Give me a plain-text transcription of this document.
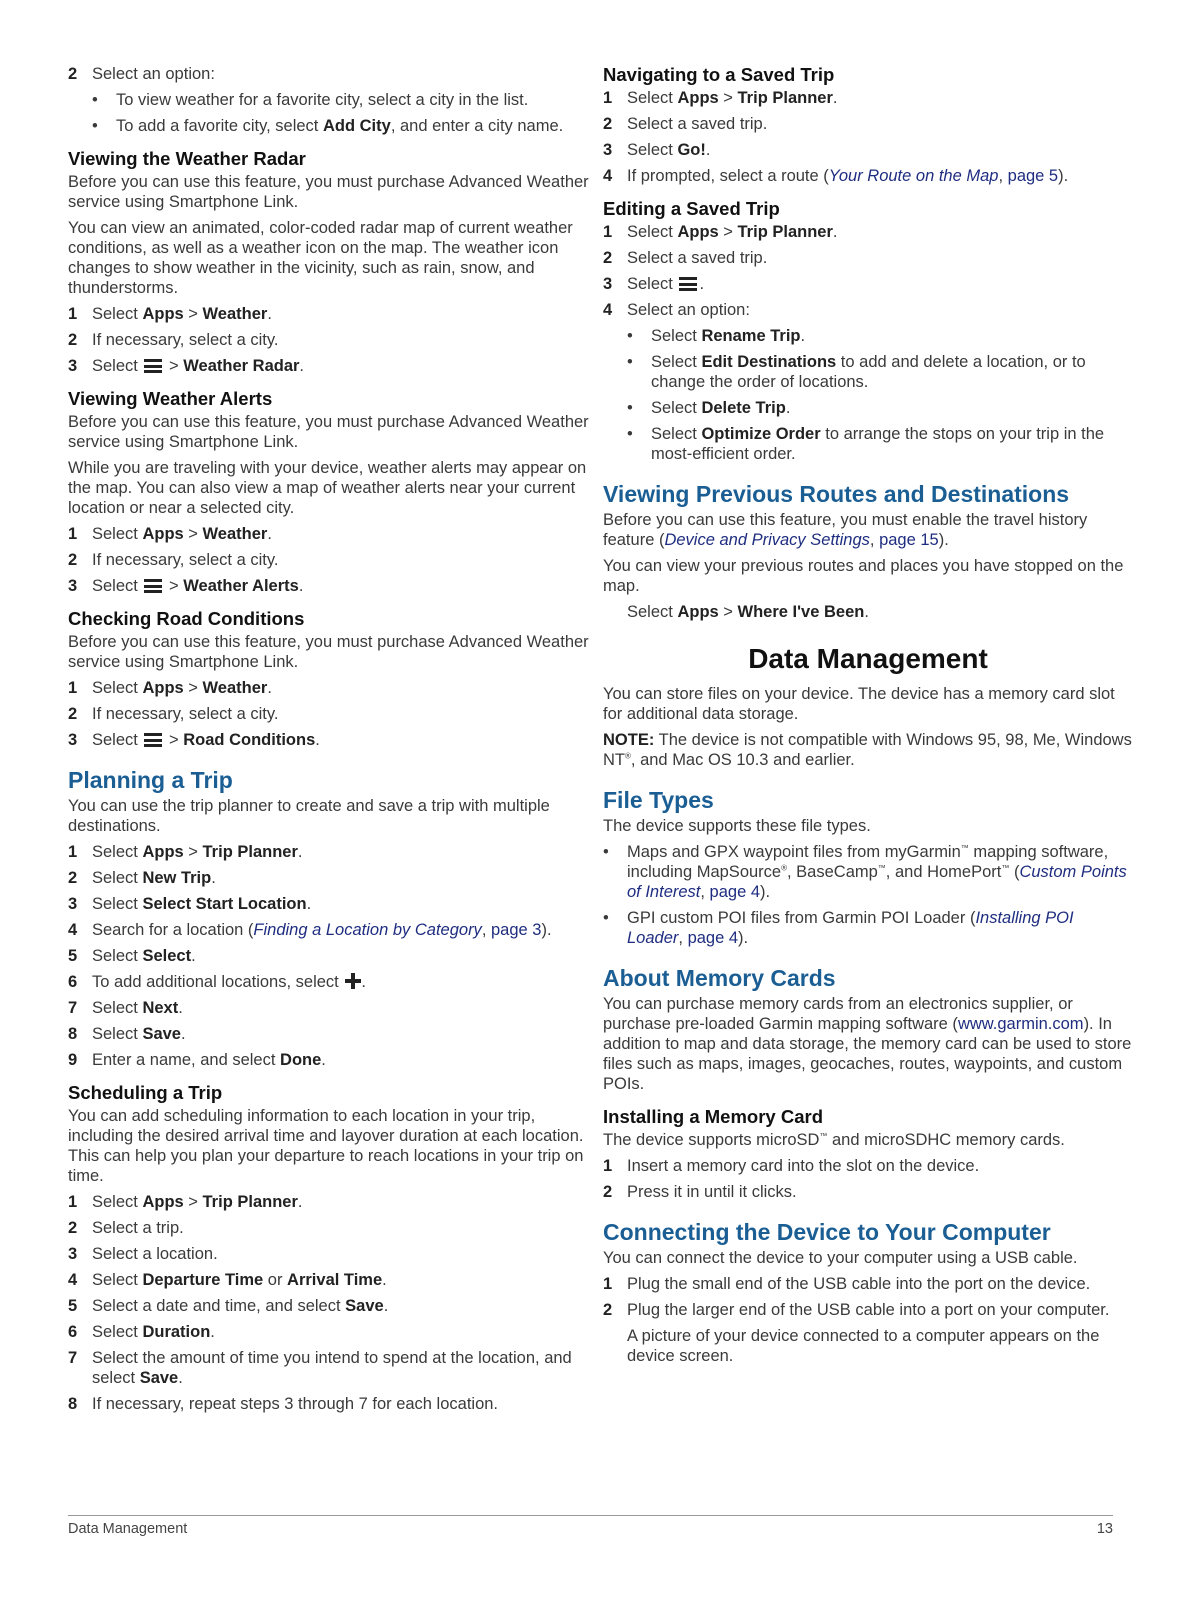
2 Select an option:
• To view weather for a favorite city, select a city in the list.
• To add a favorite city, select Add City, and enter a city name.
Viewing the Weather Radar

Before you can use this feature, you must purchase Advanced Weather service using Smartphone Link.

You can view an animated, color-coded radar map of current weather conditions, as well as a weather icon on the map. The weather icon changes to show weather in the vicinity, such as rain, snow, and thunderstorms.

1 Select Apps > Weather.
2 If necessary, select a city.
3 Select
> Weather Radar.
Viewing Weather Alerts

Before you can use this feature, you must purchase Advanced Weather service using Smartphone Link.

While you are traveling with your device, weather alerts may appear on the map. You can also view a map of weather alerts near your current location or near a selected city.

1 Select Apps > Weather.
2 If necessary, select a city.
3 Select
> Weather Alerts.
Checking Road Conditions

Before you can use this feature, you must purchase Advanced Weather service using Smartphone Link.

1 Select Apps > Weather.
2 If necessary, select a city.
3 Select
> Road Conditions.
Planning a Trip

You can use the trip planner to create and save a trip with multiple destinations.

1 Select Apps > Trip Planner.
2 Select New Trip.
3 Select Select Start Location.
4 Search for a location (Finding a Location by Category, page 3).
5 Select Select.
6 To add additional locations, select .
7 Select Next.
8 Select Save.
9 Enter a name, and select Done.
Scheduling a Trip

You can add scheduling information to each location in your trip, including the desired arrival time and layover duration at each location. This can help you plan your departure to reach locations in your trip on time.

1 Select Apps > Trip Planner.
2 Select a trip.
3 Select a location.
4 Select Departure Time or Arrival Time.
5 Select a date and time, and select Save.
6 Select Duration.
7 Select the amount of time you intend to spend at the location, and select Save.
8 If necessary, repeat steps 3 through 7 for each location.
Navigating to a Saved Trip
1 Select Apps > Trip Planner.
2 Select a saved trip.
3 Select Go!.
4 If prompted, select a route (Your Route on the Map, page 5).
Editing a Saved Trip
1 Select Apps > Trip Planner.
2 Select a saved trip.
3 Select
.
4 Select an option:
• Select Rename Trip.
• Select Edit Destinations to add and delete a location, or to change the order of locations.
• Select Delete Trip.
• Select Optimize Order to arrange the stops on your trip in the most-efficient order.
Viewing Previous Routes and Destinations

Before you can use this feature, you must enable the travel history feature (Device and Privacy Settings, page 15).

You can view your previous routes and places you have stopped on the map.

Select Apps > Where I've Been.

Data Management

You can store files on your device. The device has a memory card slot for additional data storage.

NOTE: The device is not compatible with Windows 95, 98, Me, Windows NT®, and Mac OS 10.3 and earlier.

File Types

The device supports these file types.

• Maps and GPX waypoint files from myGarmin™ mapping software, including MapSource®, BaseCamp™, and HomePort™ (Custom Points of Interest, page 4).
• GPI custom POI files from Garmin POI Loader (Installing POI Loader, page 4).
About Memory Cards

You can purchase memory cards from an electronics supplier, or purchase pre-loaded Garmin mapping software (www.garmin.com). In addition to map and data storage, the memory card can be used to store files such as maps, images, geocaches, routes, waypoints, and custom POIs.

Installing a Memory Card

The device supports microSD™ and microSDHC memory cards.

1 Insert a memory card into the slot on the device.
2 Press it in until it clicks.
Connecting the Device to Your Computer

You can connect the device to your computer using a USB cable.

1 Plug the small end of the USB cable into the port on the device.
2 Plug the larger end of the USB cable into a port on your computer.
A picture of your device connected to a computer appears on the device screen.
Data Management	13
